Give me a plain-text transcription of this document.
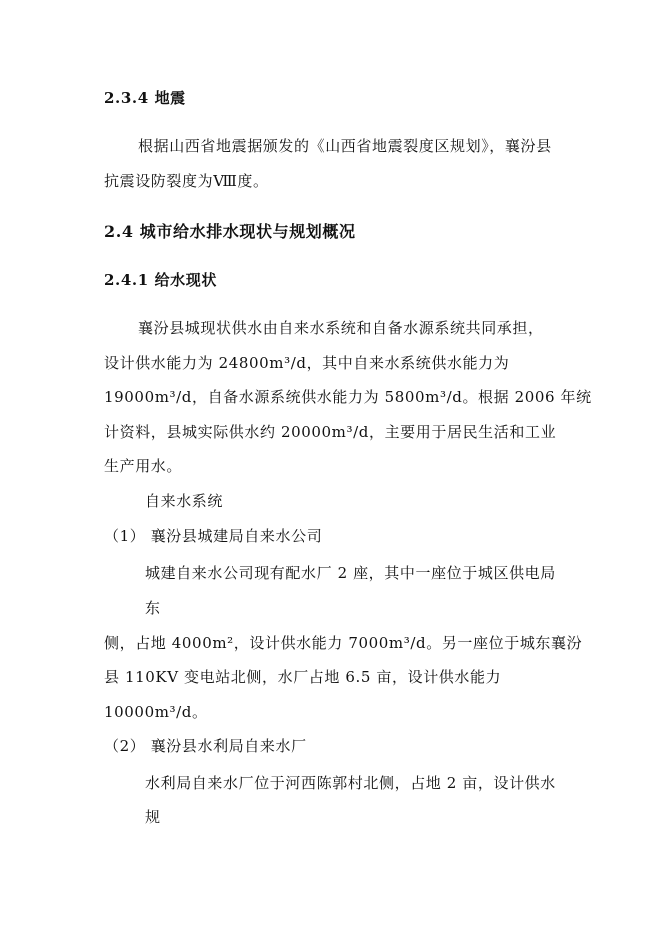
2.3.4 地震
根据山西省地震据颁发的《山西省地震裂度区规划》，襄汾县
抗震设防裂度为Ⅷ度。
2.4 城市给水排水现状与规划概况
2.4.1 给水现状
襄汾县城现状供水由自来水系统和自备水源系统共同承担，
设计供水能力为 24800m³/d，其中自来水系统供水能力为
19000m³/d，自备水源系统供水能力为 5800m³/d。根据 2006 年统
计资料，县城实际供水约 20000m³/d，主要用于居民生活和工业
生产用水。
自来水系统
（1） 襄汾县城建局自来水公司
城建自来水公司现有配水厂 2 座，其中一座位于城区供电局
东
侧，占地 4000m²，设计供水能力 7000m³/d。另一座位于城东襄汾
县 110KV 变电站北侧，水厂占地 6.5 亩，设计供水能力
10000m³/d。
（2） 襄汾县水利局自来水厂
水利局自来水厂位于河西陈郭村北侧，占地 2 亩，设计供水
规
